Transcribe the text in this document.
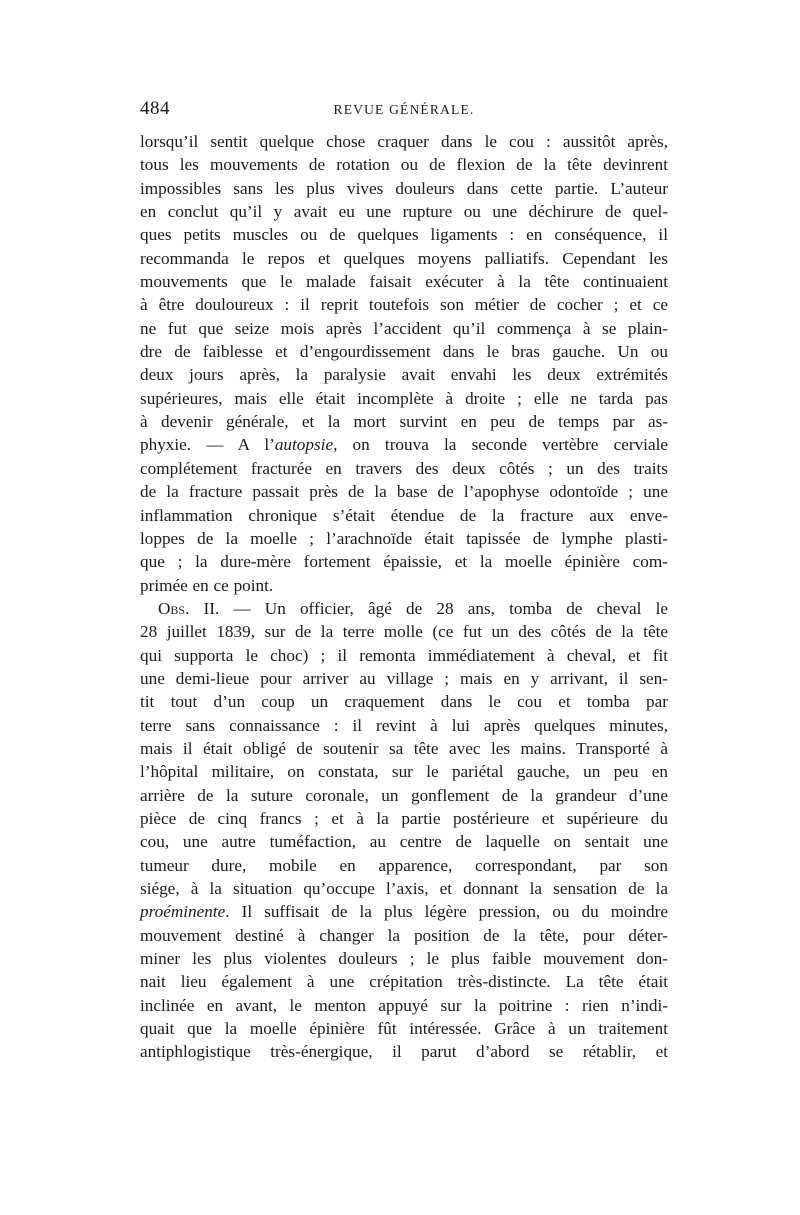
484	REVUE GÉNÉRALE.
lorsqu’il sentit quelque chose craquer dans le cou : aussitôt après,
tous les mouvements de rotation ou de flexion de la tête devinrent
impossibles sans les plus vives douleurs dans cette partie. L’auteur
en conclut qu’il y avait eu une rupture ou une déchirure de quel-
ques petits muscles ou de quelques ligaments : en conséquence, il
recommanda le repos et quelques moyens palliatifs. Cependant les
mouvements que le malade faisait exécuter à la tête continuaient
à être douloureux : il reprit toutefois son métier de cocher ; et ce
ne fut que seize mois après l’accident qu’il commença à se plain-
dre de faiblesse et d’engourdissement dans le bras gauche. Un ou
deux jours après, la paralysie avait envahi les deux extrémités
supérieures, mais elle était incomplète à droite ; elle ne tarda pas
à devenir générale, et la mort survint en peu de temps par as-
phyxie. — A l’autopsie, on trouva la seconde vertèbre cerviale
complétement fracturée en travers des deux côtés ; un des traits
de la fracture passait près de la base de l’apophyse odontoïde ; une
inflammation chronique s’était étendue de la fracture aux enve-
loppes de la moelle ; l’arachnoïde était tapissée de lymphe plasti-
que ; la dure-mère fortement épaissie, et la moelle épinière com-
primée en ce point.
Obs. II. — Un officier, âgé de 28 ans, tomba de cheval le
28 juillet 1839, sur de la terre molle (ce fut un des côtés de la tête
qui supporta le choc) ; il remonta immédiatement à cheval, et fit
une demi-lieue pour arriver au village ; mais en y arrivant, il sen-
tit tout d’un coup un craquement dans le cou et tomba par
terre sans connaissance : il revint à lui après quelques minutes,
mais il était obligé de soutenir sa tête avec les mains. Transporté à
l’hôpital militaire, on constata, sur le pariétal gauche, un peu en
arrière de la suture coronale, un gonflement de la grandeur d’une
pièce de cinq francs ; et à la partie postérieure et supérieure du
cou, une autre tuméfaction, au centre de laquelle on sentait une
tumeur dure, mobile en apparence, correspondant, par son
siége, à la situation qu’occupe l’axis, et donnant la sensation de la
proéminente. Il suffisait de la plus légère pression, ou du moindre
mouvement destiné à changer la position de la tête, pour déter-
miner les plus violentes douleurs ; le plus faible mouvement don-
nait lieu également à une crépitation très-distincte. La tête était
inclinée en avant, le menton appuyé sur la poitrine : rien n’indi-
quait que la moelle épinière fût intéressée. Grâce à un traitement
antiphlogistique très-énergique, il parut d’abord se rétablir, et
